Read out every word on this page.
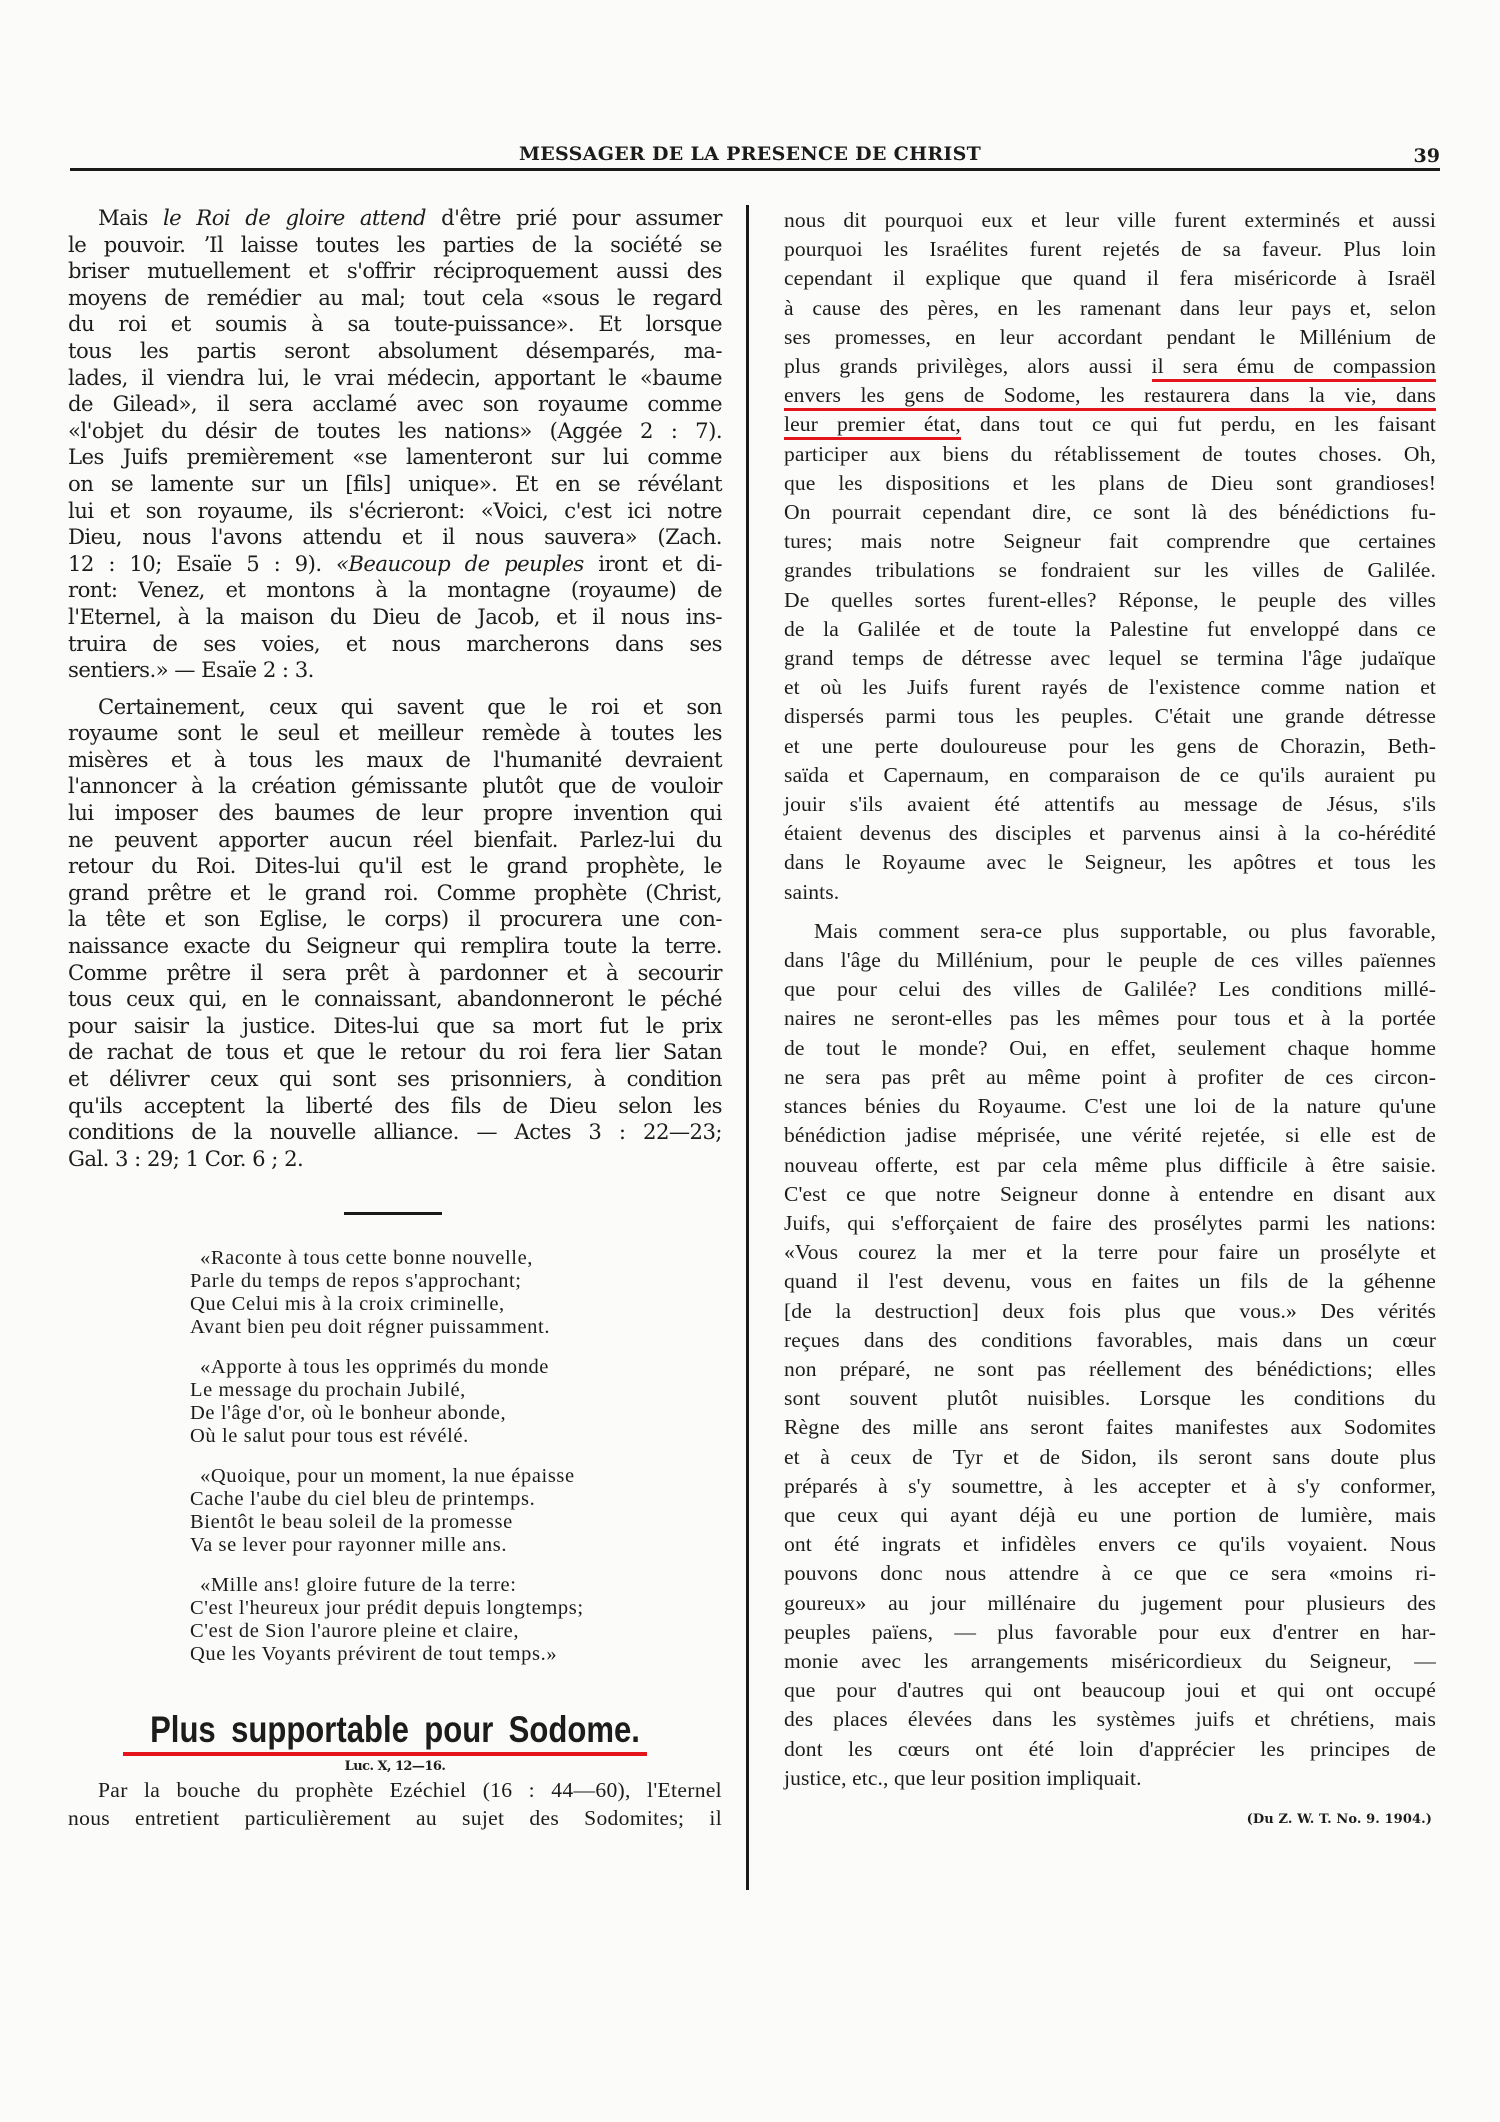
MESSAGER DE LA PRESENCE DE CHRIST	39

Mais le Roi de gloire attend d'être prié pour assumer
le pouvoir. ʼIl laisse toutes les parties de la société se
briser mutuellement et s'offrir réciproquement aussi des
moyens de remédier au mal; tout cela «sous le regard
du roi et soumis à sa toute-puissance». Et lorsque
tous les partis seront absolument désemparés, ma-
lades, il viendra lui, le vrai médecin, apportant le «baume
de Gilead», il sera acclamé avec son royaume comme
«l'objet du désir de toutes les nations» (Aggée 2 : 7).
Les Juifs premièrement «se lamenteront sur lui comme
on se lamente sur un [fils] unique». Et en se révélant
lui et son royaume, ils s'écrieront: «Voici, c'est ici notre
Dieu, nous l'avons attendu et il nous sauvera» (Zach.
12 : 10; Esaïe 5 : 9). «Beaucoup de peuples iront et di-
ront: Venez, et montons à la montagne (royaume) de
l'Eternel, à la maison du Dieu de Jacob, et il nous ins-
truira de ses voies, et nous marcherons dans ses
sentiers.» — Esaïe 2 : 3.

Certainement, ceux qui savent que le roi et son
royaume sont le seul et meilleur remède à toutes les
misères et à tous les maux de l'humanité devraient
l'annoncer à la création gémissante plutôt que de vouloir
lui imposer des baumes de leur propre invention qui
ne peuvent apporter aucun réel bienfait. Parlez-lui du
retour du Roi. Dites-lui qu'il est le grand prophète, le
grand prêtre et le grand roi. Comme prophète (Christ,
la tête et son Eglise, le corps) il procurera une con-
naissance exacte du Seigneur qui remplira toute la terre.
Comme prêtre il sera prêt à pardonner et à secourir
tous ceux qui, en le connaissant, abandonneront le péché
pour saisir la justice. Dites-lui que sa mort fut le prix
de rachat de tous et que le retour du roi fera lier Satan
et délivrer ceux qui sont ses prisonniers, à condition
qu'ils acceptent la liberté des fils de Dieu selon les
conditions de la nouvelle alliance. — Actes 3 : 22—23;
Gal. 3 : 29; 1 Cor. 6 ; 2.

«Raconte à tous cette bonne nouvelle,
Parle du temps de repos s'approchant;
Que Celui mis à la croix criminelle,
Avant bien peu doit régner puissamment.
«Apporte à tous les opprimés du monde
Le message du prochain Jubilé,
De l'âge d'or, où le bonheur abonde,
Où le salut pour tous est révélé.
«Quoique, pour un moment, la nue épaisse
Cache l'aube du ciel bleu de printemps.
Bientôt le beau soleil de la promesse
Va se lever pour rayonner mille ans.
«Mille ans! gloire future de la terre:
C'est l'heureux jour prédit depuis longtemps;
C'est de Sion l'aurore pleine et claire,
Que les Voyants prévirent de tout temps.»
Plus supportable pour Sodome.
Luc. X, 12—16.
Par la bouche du prophète Ezéchiel (16 : 44—60), l'Eternel
nous entretient particulièrement au sujet des Sodomites; il

nous dit pourquoi eux et leur ville furent exterminés et aussi
pourquoi les Israélites furent rejetés de sa faveur. Plus loin
cependant il explique que quand il fera miséricorde à Israël
à cause des pères, en les ramenant dans leur pays et, selon
ses promesses, en leur accordant pendant le Millénium de
plus grands privilèges, alors aussi il sera ému de compassion
envers les gens de Sodome, les restaurera dans la vie, dans
leur premier état, dans tout ce qui fut perdu, en les faisant
participer aux biens du rétablissement de toutes choses. Oh,
que les dispositions et les plans de Dieu sont grandioses!
On pourrait cependant dire, ce sont là des bénédictions fu-
tures; mais notre Seigneur fait comprendre que certaines
grandes tribulations se fondraient sur les villes de Galilée.
De quelles sortes furent-elles? Réponse, le peuple des villes
de la Galilée et de toute la Palestine fut enveloppé dans ce
grand temps de détresse avec lequel se termina l'âge judaïque
et où les Juifs furent rayés de l'existence comme nation et
dispersés parmi tous les peuples. C'était une grande détresse
et une perte douloureuse pour les gens de Chorazin, Beth-
saïda et Capernaum, en comparaison de ce qu'ils auraient pu
jouir s'ils avaient été attentifs au message de Jésus, s'ils
étaient devenus des disciples et parvenus ainsi à la co-hérédité
dans le Royaume avec le Seigneur, les apôtres et tous les
saints.

Mais comment sera-ce plus supportable, ou plus favorable,
dans l'âge du Millénium, pour le peuple de ces villes païennes
que pour celui des villes de Galilée? Les conditions millé-
naires ne seront-elles pas les mêmes pour tous et à la portée
de tout le monde? Oui, en effet, seulement chaque homme
ne sera pas prêt au même point à profiter de ces circon-
stances bénies du Royaume. C'est une loi de la nature qu'une
bénédiction jadise méprisée, une vérité rejetée, si elle est de
nouveau offerte, est par cela même plus difficile à être saisie.
C'est ce que notre Seigneur donne à entendre en disant aux
Juifs, qui s'efforçaient de faire des prosélytes parmi les nations:
«Vous courez la mer et la terre pour faire un prosélyte et
quand il l'est devenu, vous en faites un fils de la géhenne
[de la destruction] deux fois plus que vous.» Des vérités
reçues dans des conditions favorables, mais dans un cœur
non préparé, ne sont pas réellement des bénédictions; elles
sont souvent plutôt nuisibles. Lorsque les conditions du
Règne des mille ans seront faites manifestes aux Sodomites
et à ceux de Tyr et de Sidon, ils seront sans doute plus
préparés à s'y soumettre, à les accepter et à s'y conformer,
que ceux qui ayant déjà eu une portion de lumière, mais
ont été ingrats et infidèles envers ce qu'ils voyaient. Nous
pouvons donc nous attendre à ce que ce sera «moins ri-
goureux» au jour millénaire du jugement pour plusieurs des
peuples païens, — plus favorable pour eux d'entrer en har-
monie avec les arrangements miséricordieux du Seigneur, —
que pour d'autres qui ont beaucoup joui et qui ont occupé
des places élevées dans les systèmes juifs et chrétiens, mais
dont les cœurs ont été loin d'apprécier les principes de
justice, etc., que leur position impliquait.

(Du Z. W. T. No. 9. 1904.)
